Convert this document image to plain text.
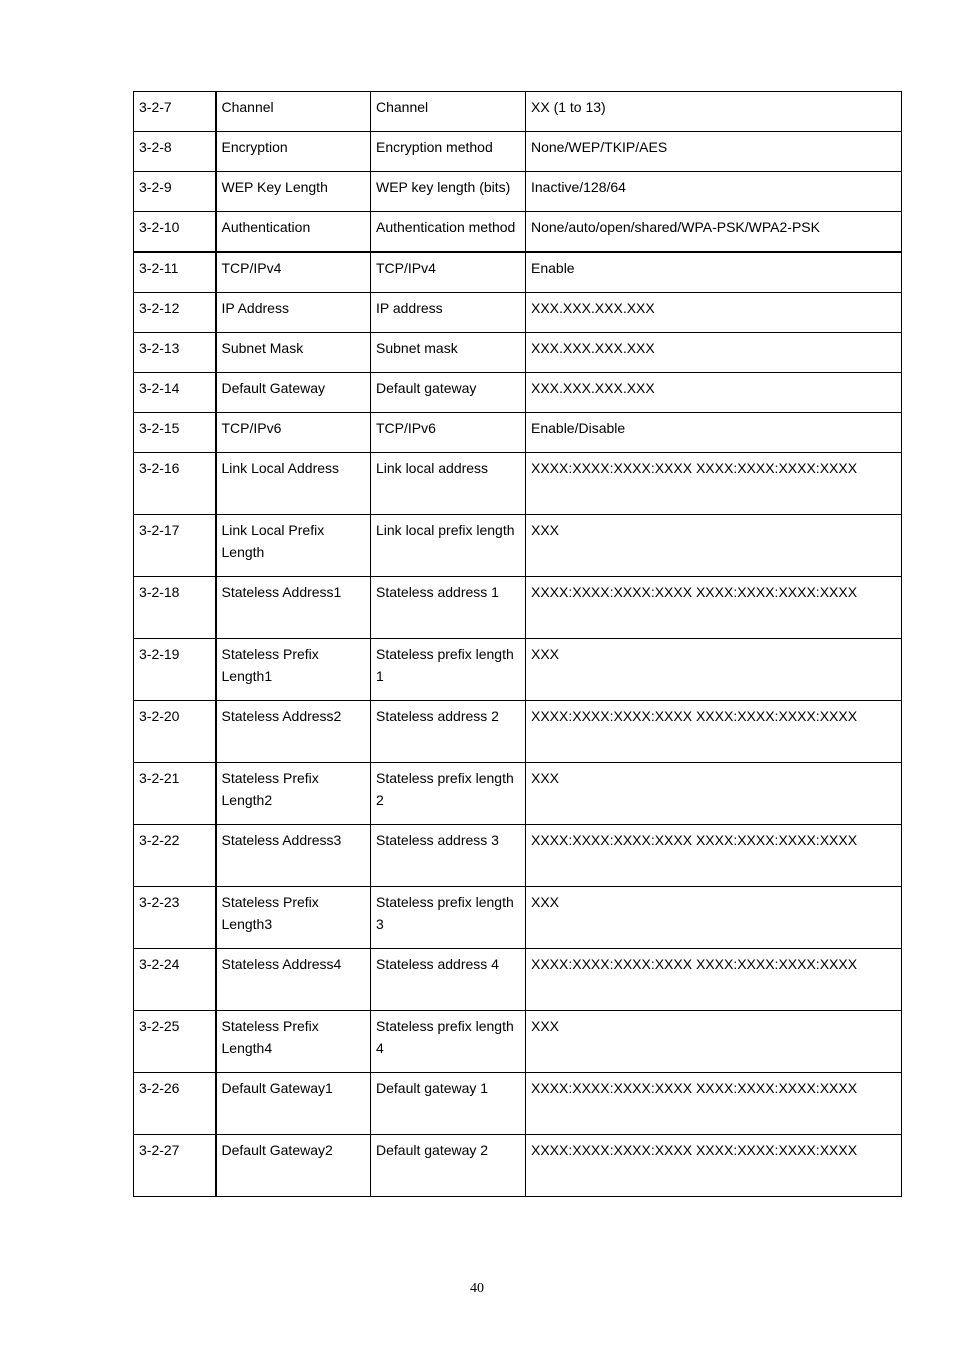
3-2-7	Channel	Channel	XX (1 to 13)
3-2-8	Encryption	Encryption method	None/WEP/TKIP/AES
3-2-9	WEP Key Length	WEP key length (bits)	Inactive/128/64
3-2-10	Authentication	Authentication method	None/auto/open/shared/WPA-PSK/WPA2-PSK
3-2-11	TCP/IPv4	TCP/IPv4	Enable
3-2-12	IP Address	IP address	XXX.XXX.XXX.XXX
3-2-13	Subnet Mask	Subnet mask	XXX.XXX.XXX.XXX
3-2-14	Default Gateway	Default gateway	XXX.XXX.XXX.XXX
3-2-15	TCP/IPv6	TCP/IPv6	Enable/Disable
3-2-16	Link Local Address	Link local address	XXXX:XXXX:XXXX:XXXX XXXX:XXXX:XXXX:XXXX
3-2-17	Link Local Prefix Length	Link local prefix length	XXX
3-2-18	Stateless Address1	Stateless address 1	XXXX:XXXX:XXXX:XXXX XXXX:XXXX:XXXX:XXXX
3-2-19	Stateless Prefix Length1	Stateless prefix length 1	XXX
3-2-20	Stateless Address2	Stateless address 2	XXXX:XXXX:XXXX:XXXX XXXX:XXXX:XXXX:XXXX
3-2-21	Stateless Prefix Length2	Stateless prefix length 2	XXX
3-2-22	Stateless Address3	Stateless address 3	XXXX:XXXX:XXXX:XXXX XXXX:XXXX:XXXX:XXXX
3-2-23	Stateless Prefix Length3	Stateless prefix length 3	XXX
3-2-24	Stateless Address4	Stateless address 4	XXXX:XXXX:XXXX:XXXX XXXX:XXXX:XXXX:XXXX
3-2-25	Stateless Prefix Length4	Stateless prefix length 4	XXX
3-2-26	Default Gateway1	Default gateway 1	XXXX:XXXX:XXXX:XXXX XXXX:XXXX:XXXX:XXXX
3-2-27	Default Gateway2	Default gateway 2	XXXX:XXXX:XXXX:XXXX XXXX:XXXX:XXXX:XXXX
40
